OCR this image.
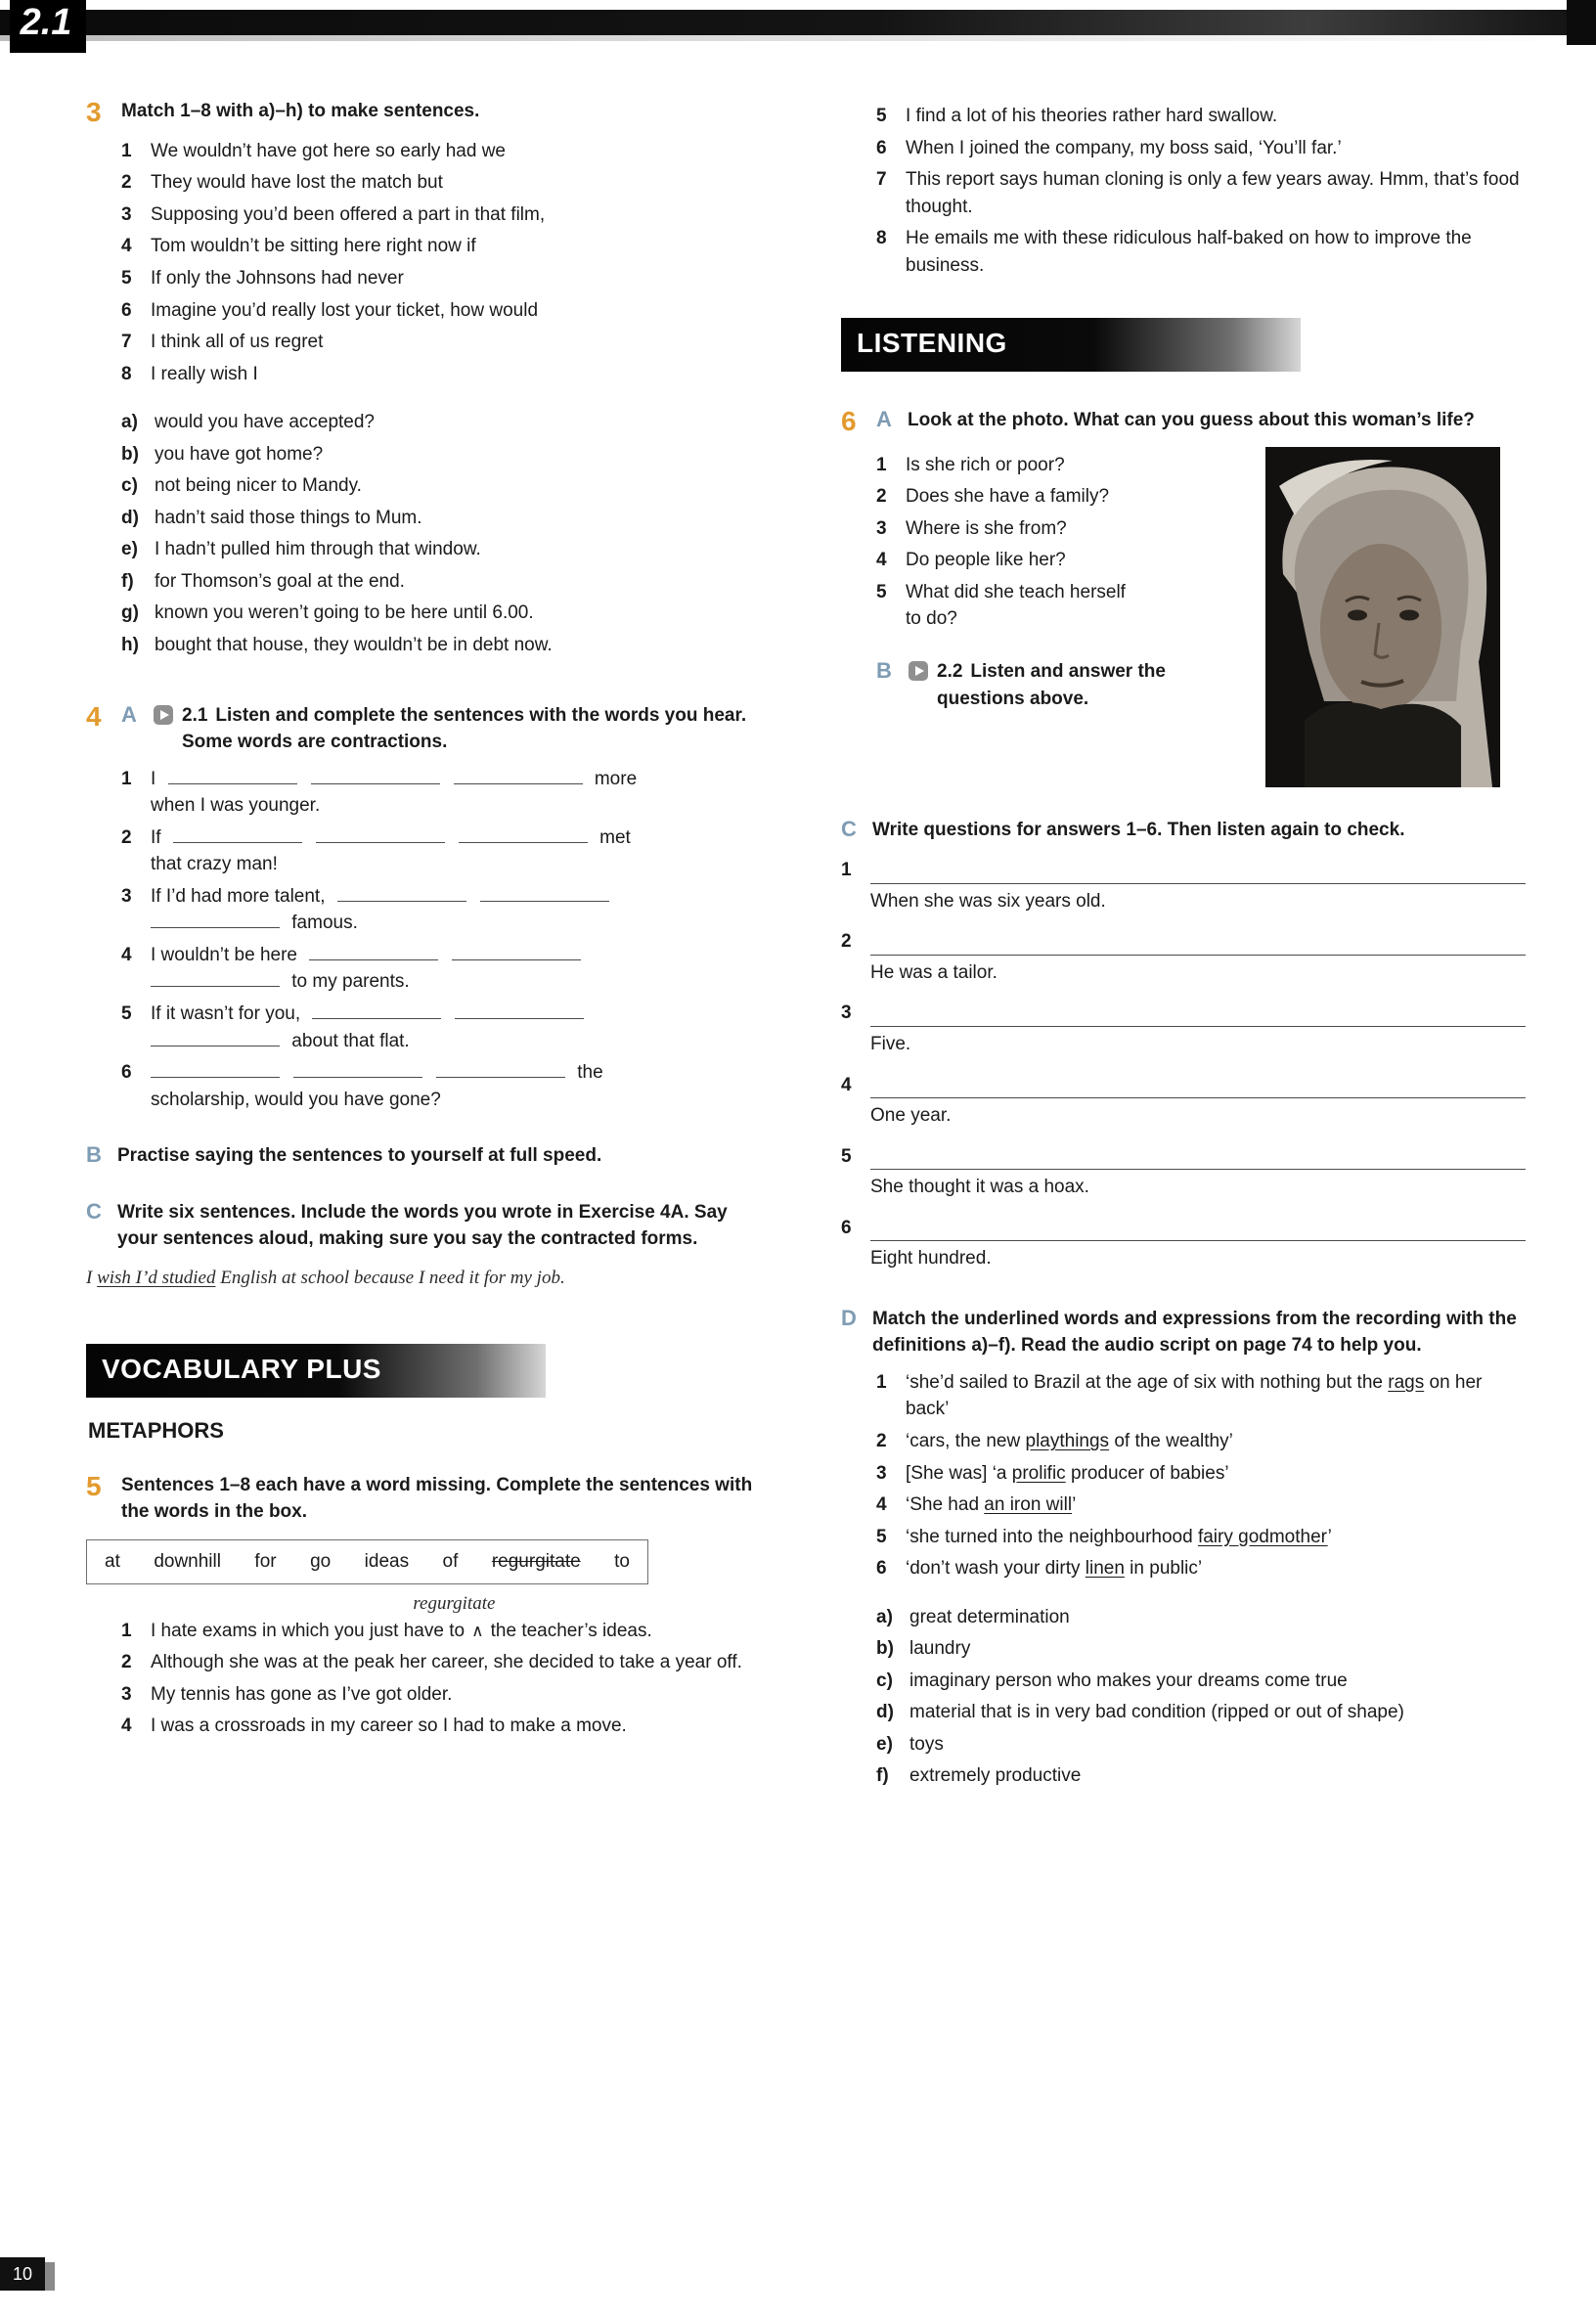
2.1
3	Match 1–8 with a)–h) to make sentences.
1	We wouldn’t have got here so early had we
2	They would have lost the match but
3	Supposing you’d been offered a part in that film,
4	Tom wouldn’t be sitting here right now if
5	If only the Johnsons had never
6	Imagine you’d really lost your ticket, how would
7	I think all of us regret
8	I really wish I
a) would you have accepted?
b) you have got home?
c) not being nicer to Mandy.
d) hadn’t said those things to Mum.
e) I hadn’t pulled him through that window.
f)	for Thomson’s goal at the end.
g) known you weren’t going to be here until 6.00.
h) bought that house, they wouldn’t be in debt now.
4 A	2.1 Listen and complete the sentences with the words you hear. Some words are contractions.
1	I	more
when I was younger.
2	If	met
that crazy man!
3	If I’d had more talent,
famous.
4	I wouldn’t be here
to my parents.
5	If it wasn’t for you,
about that flat.
6	the
scholarship, would you have gone?
B Practise saying the sentences to yourself at full speed.
C Write six sentences. Include the words you wrote in Exercise 4A. Say your sentences aloud, making sure you say the contracted forms.
I wish I’d studied English at school because I need it for my job.
VOCABULARY PLUS
METAPHORS
5	Sentences 1–8 each have a word missing. Complete the sentences with the words in the box.
at downhill for go ideas of regurgitate to
1	I hate exams in which you just have to ∧
regurgitate
the teacher’s ideas.
2	Although she was at the peak her career, she decided to take a year off.
3	My tennis has gone as I’ve got older.
4	I was a crossroads in my career so I had to make a move.
5	I find a lot of his theories rather hard swallow.
6	When I joined the company, my boss said, ‘You’ll far.’
7	This report says human cloning is only a few years away. Hmm, that’s food thought.
8	He emails me with these ridiculous half-baked on how to improve the business.
LISTENING
6 A Look at the photo. What can you guess about this woman’s life?
1	Is she rich or poor?
2	Does she have a family?
3	Where is she from?
4	Do people like her?
5	What did she teach herself to do?
B	2.2 Listen and answer the questions above.
C Write questions for answers 1–6. Then listen again to check.
1
When she was six years old.
2
He was a tailor.
3
Five.
4
One year.
5
She thought it was a hoax.
6
Eight hundred.
D Match the underlined words and expressions from the recording with the definitions a)–f). Read the audio script on page 74 to help you.
1	‘she’d sailed to Brazil at the age of six with nothing but the rags on her back’
2	‘cars, the new playthings of the wealthy’
3	[She was] ‘a prolific producer of babies’
4	‘She had an iron will’
5	‘she turned into the neighbourhood fairy godmother’
6	‘don’t wash your dirty linen in public’
a) great determination
b) laundry
c) imaginary person who makes your dreams come true
d) material that is in very bad condition (ripped or out of shape)
e) toys
f)	extremely productive
10
